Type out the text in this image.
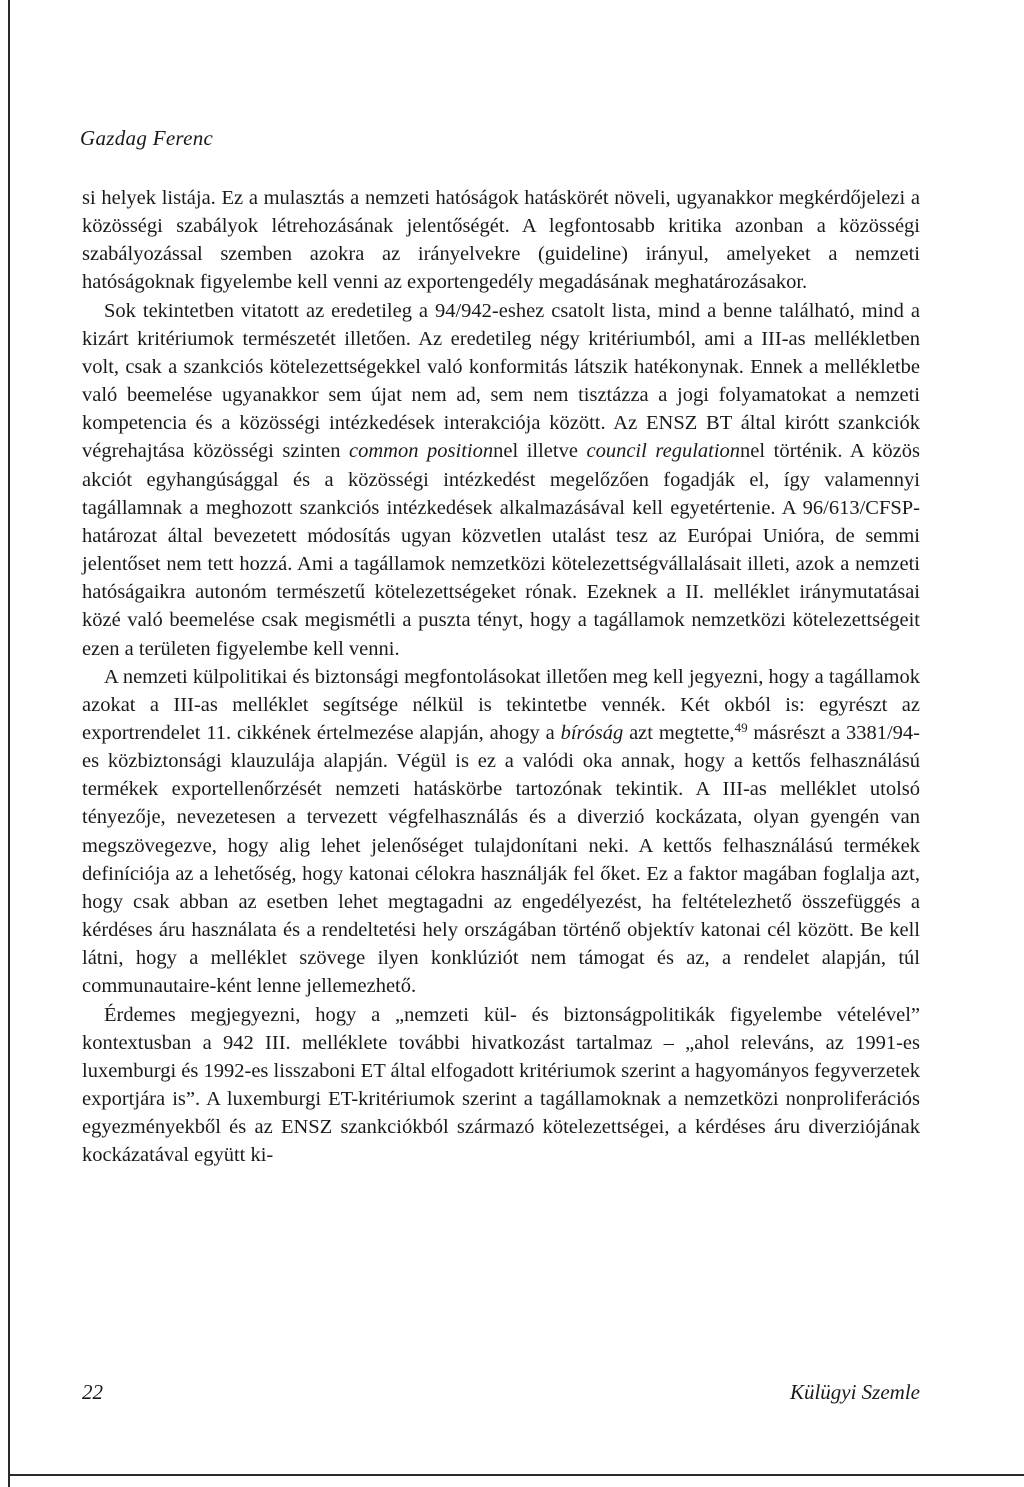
Gazdag Ferenc

si helyek listája. Ez a mulasztás a nemzeti hatóságok hatáskörét növeli, ugyanakkor megkérdőjelezi a közösségi szabályok létrehozásának jelentőségét. A legfontosabb kritika azonban a közösségi szabályozással szemben azokra az irányelvekre (guideline) irányul, amelyeket a nemzeti hatóságoknak figyelembe kell venni az exportengedély megadásának meghatározásakor.

Sok tekintetben vitatott az eredetileg a 94/942-eshez csatolt lista, mind a benne található, mind a kizárt kritériumok természetét illetően. Az eredetileg négy kritériumból, ami a III-as mellékletben volt, csak a szankciós kötelezettségekkel való konformitás látszik hatékonynak. Ennek a mellékletbe való beemelése ugyanakkor sem újat nem ad, sem nem tisztázza a jogi folyamatokat a nemzeti kompetencia és a közösségi intézkedések interakciója között. Az ENSZ BT által kirótt szankciók végrehajtása közösségi szinten common positionnel illetve council regulationnel történik. A közös akciót egyhangúsággal és a közösségi intézkedést megelőzően fogadják el, így valamennyi tagállamnak a meghozott szankciós intézkedések alkalmazásával kell egyetértenie. A 96/613/CFSP-határozat által bevezetett módosítás ugyan közvetlen utalást tesz az Európai Unióra, de semmi jelentőset nem tett hozzá. Ami a tagállamok nemzetközi kötelezettségvállalásait illeti, azok a nemzeti hatóságaikra autonóm természetű kötelezettségeket rónak. Ezeknek a II. melléklet iránymutatásai közé való beemelése csak megismétli a puszta tényt, hogy a tagállamok nemzetközi kötelezettségeit ezen a területen figyelembe kell venni.

A nemzeti külpolitikai és biztonsági megfontolásokat illetően meg kell jegyezni, hogy a tagállamok azokat a III-as melléklet segítsége nélkül is tekintetbe vennék. Két okból is: egyrészt az exportrendelet 11. cikkének értelmezése alapján, ahogy a bíróság azt megtette,$^{49}$ másrészt a 3381/94-es közbiztonsági klauzulája alapján. Végül is ez a valódi oka annak, hogy a kettős felhasználású termékek exportellenőrzését nemzeti hatáskörbe tartozónak tekintik. A III-as melléklet utolsó tényezője, nevezetesen a tervezett végfelhasználás és a diverzió kockázata, olyan gyengén van megszövegezve, hogy alig lehet jelenőséget tulajdonítani neki. A kettős felhasználású termékek definíciója az a lehetőség, hogy katonai célokra használják fel őket. Ez a faktor magában foglalja azt, hogy csak abban az esetben lehet megtagadni az engedélyezést, ha feltételezhető összefüggés a kérdéses áru használata és a rendeltetési hely országában történő objektív katonai cél között. Be kell látni, hogy a melléklet szövege ilyen konklúziót nem támogat és az, a rendelet alapján, túl communautaire-ként lenne jellemezhető.

Érdemes megjegyezni, hogy a „nemzeti kül- és biztonságpolitikák figyelembe vételével” kontextusban a 942 III. melléklete további hivatkozást tartalmaz – „ahol releváns, az 1991-es luxemburgi és 1992-es lisszaboni ET által elfogadott kritériumok szerint a hagyományos fegyverzetek exportjára is”. A luxemburgi ET-kritériumok szerint a tagállamoknak a nemzetközi nonproliferációs egyezményekből és az ENSZ szankciókból származó kötelezettségei, a kérdéses áru diverziójának kockázatával együtt ki-

22	Külügyi Szemle
